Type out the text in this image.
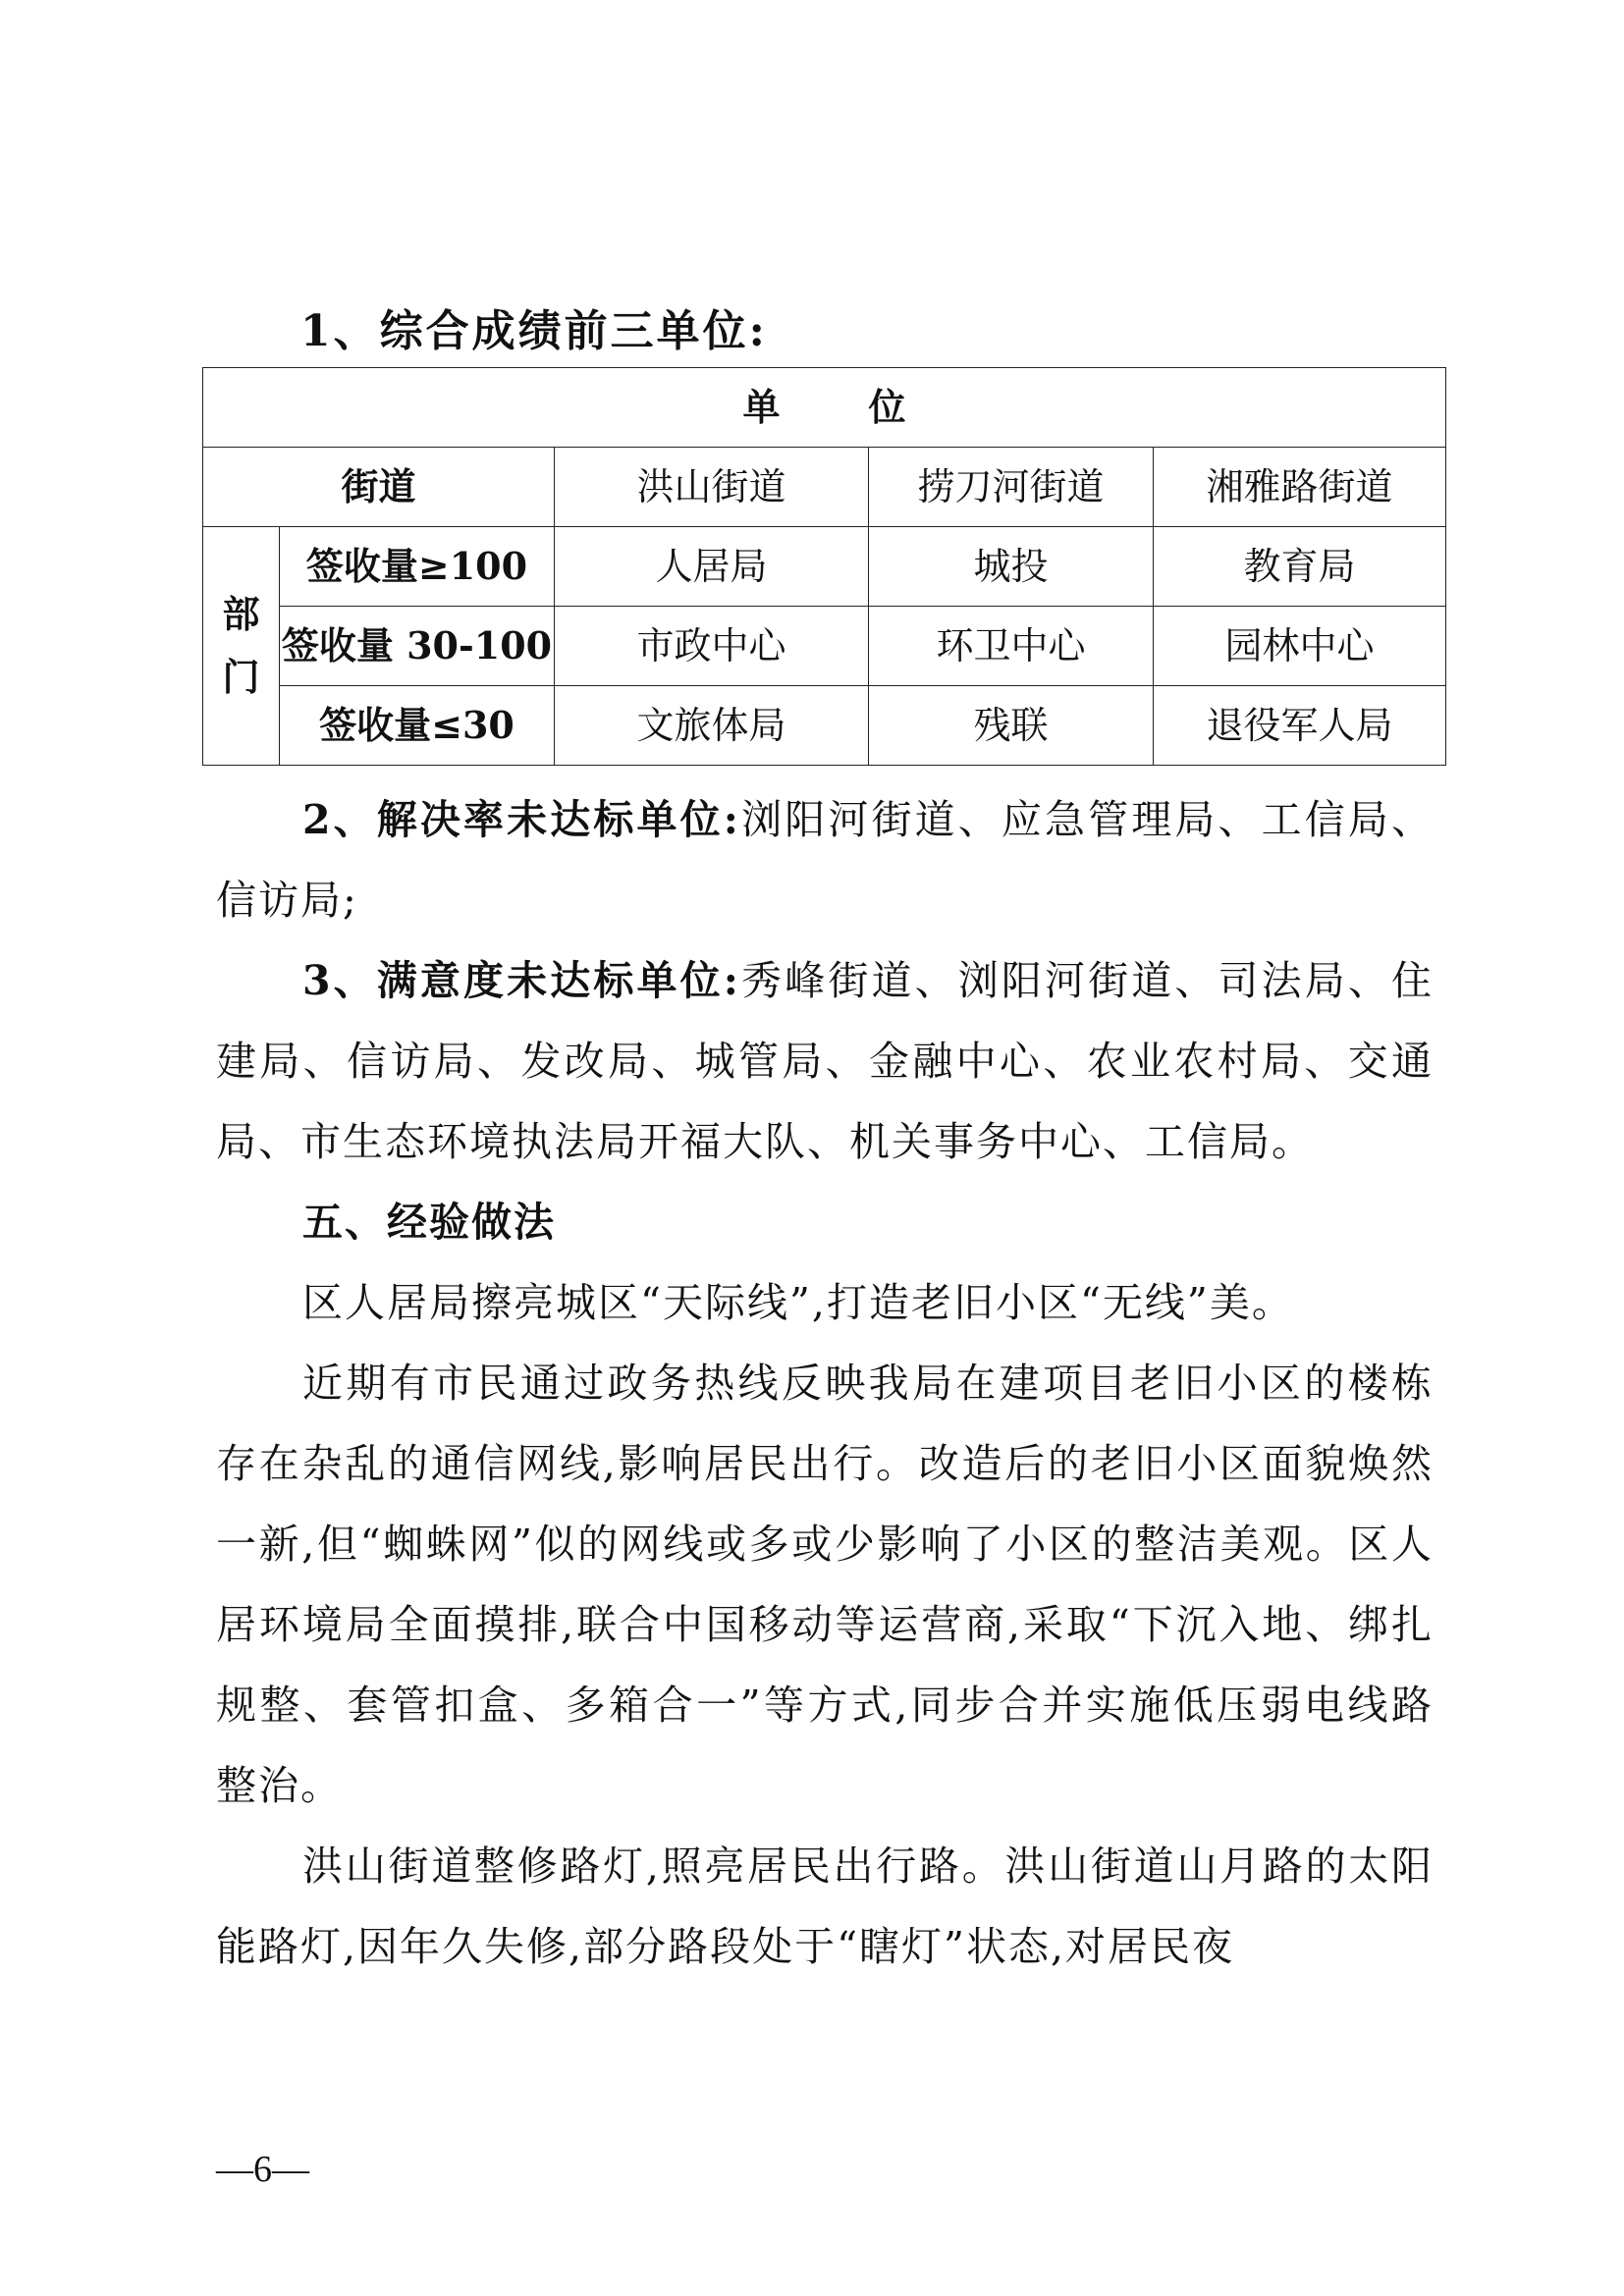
1、综合成绩前三单位:
单位				
街道		洪山街道	捞刀河街道	湘雅路街道

部
门	签收量≥100	人居局	城投	教育局
	签收量 30-100	市政中心	环卫中心	园林中心
	签收量≤30	文旅体局	残联	退役军人局

2、解决率未达标单位:浏阳河街道、应急管理局、工信局、信访局;

3、满意度未达标单位:秀峰街道、浏阳河街道、司法局、住建局、信访局、发改局、城管局、金融中心、农业农村局、交通局、市生态环境执法局开福大队、机关事务中心、工信局。

五、经验做法

区人居局擦亮城区“天际线”,打造老旧小区“无线”美。

近期有市民通过政务热线反映我局在建项目老旧小区的楼栋存在杂乱的通信网线,影响居民出行。改造后的老旧小区面貌焕然一新,但“蜘蛛网”似的网线或多或少影响了小区的整洁美观。区人居环境局全面摸排,联合中国移动等运营商,采取“下沉入地、绑扎规整、套管扣盒、多箱合一”等方式,同步合并实施低压弱电线路整治。

洪山街道整修路灯,照亮居民出行路。洪山街道山月路的太阳能路灯,因年久失修,部分路段处于“瞎灯”状态,对居民夜

—6—
